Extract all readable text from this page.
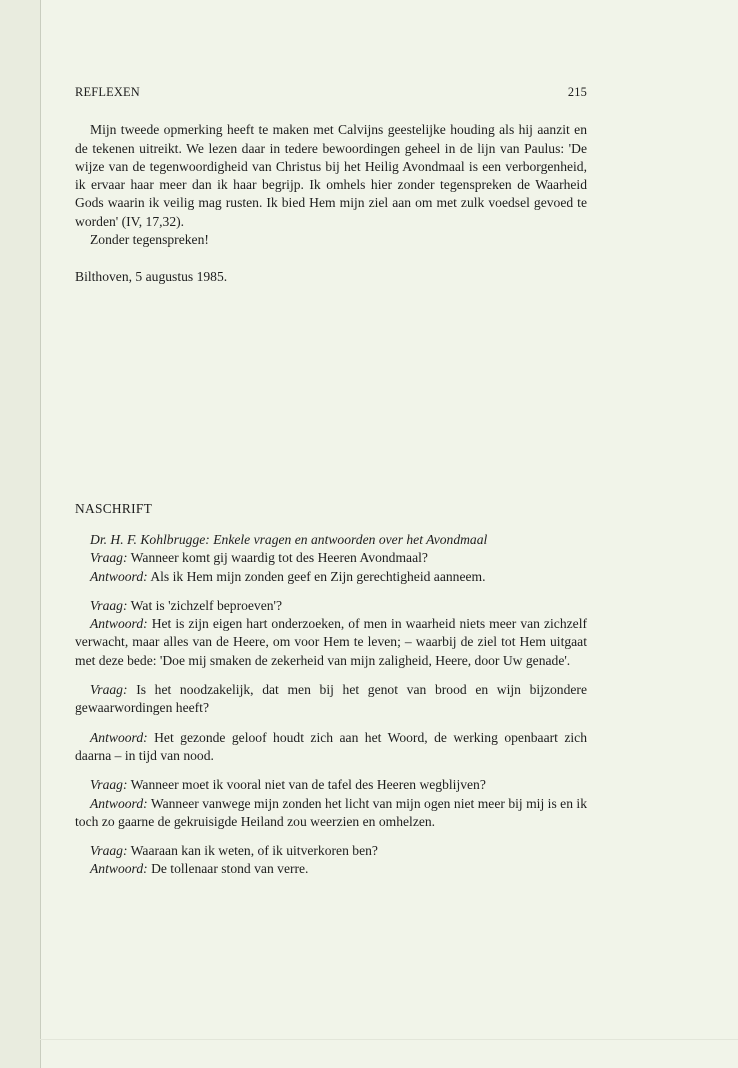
REFLEXEN	215

Mijn tweede opmerking heeft te maken met Calvijns geestelijke houding als hij aanzit en de tekenen uitreikt. We lezen daar in tedere bewoordingen geheel in de lijn van Paulus: 'De wijze van de tegenwoordigheid van Christus bij het Heilig Avondmaal is een verborgenheid, ik ervaar haar meer dan ik haar begrijp. Ik omhels hier zonder tegenspreken de Waarheid Gods waarin ik veilig mag rusten. Ik bied Hem mijn ziel aan om met zulk voedsel gevoed te worden' (IV, 17,32).

Zonder tegenspreken!

Bilthoven, 5 augustus 1985.

NASCHRIFT

Dr. H. F. Kohlbrugge: Enkele vragen en antwoorden over het Avondmaal

Vraag: Wanneer komt gij waardig tot des Heeren Avondmaal?

Antwoord: Als ik Hem mijn zonden geef en Zijn gerechtigheid aanneem.

Vraag: Wat is 'zichzelf beproeven'?

Antwoord: Het is zijn eigen hart onderzoeken, of men in waarheid niets meer van zichzelf verwacht, maar alles van de Heere, om voor Hem te leven; – waarbij de ziel tot Hem uitgaat met deze bede: 'Doe mij smaken de zekerheid van mijn zaligheid, Heere, door Uw genade'.

Vraag: Is het noodzakelijk, dat men bij het genot van brood en wijn bijzondere gewaarwordingen heeft?

Antwoord: Het gezonde geloof houdt zich aan het Woord, de werking openbaart zich daarna – in tijd van nood.

Vraag: Wanneer moet ik vooral niet van de tafel des Heeren wegblijven?

Antwoord: Wanneer vanwege mijn zonden het licht van mijn ogen niet meer bij mij is en ik toch zo gaarne de gekruisigde Heiland zou weerzien en omhelzen.

Vraag: Waaraan kan ik weten, of ik uitverkoren ben?

Antwoord: De tollenaar stond van verre.
